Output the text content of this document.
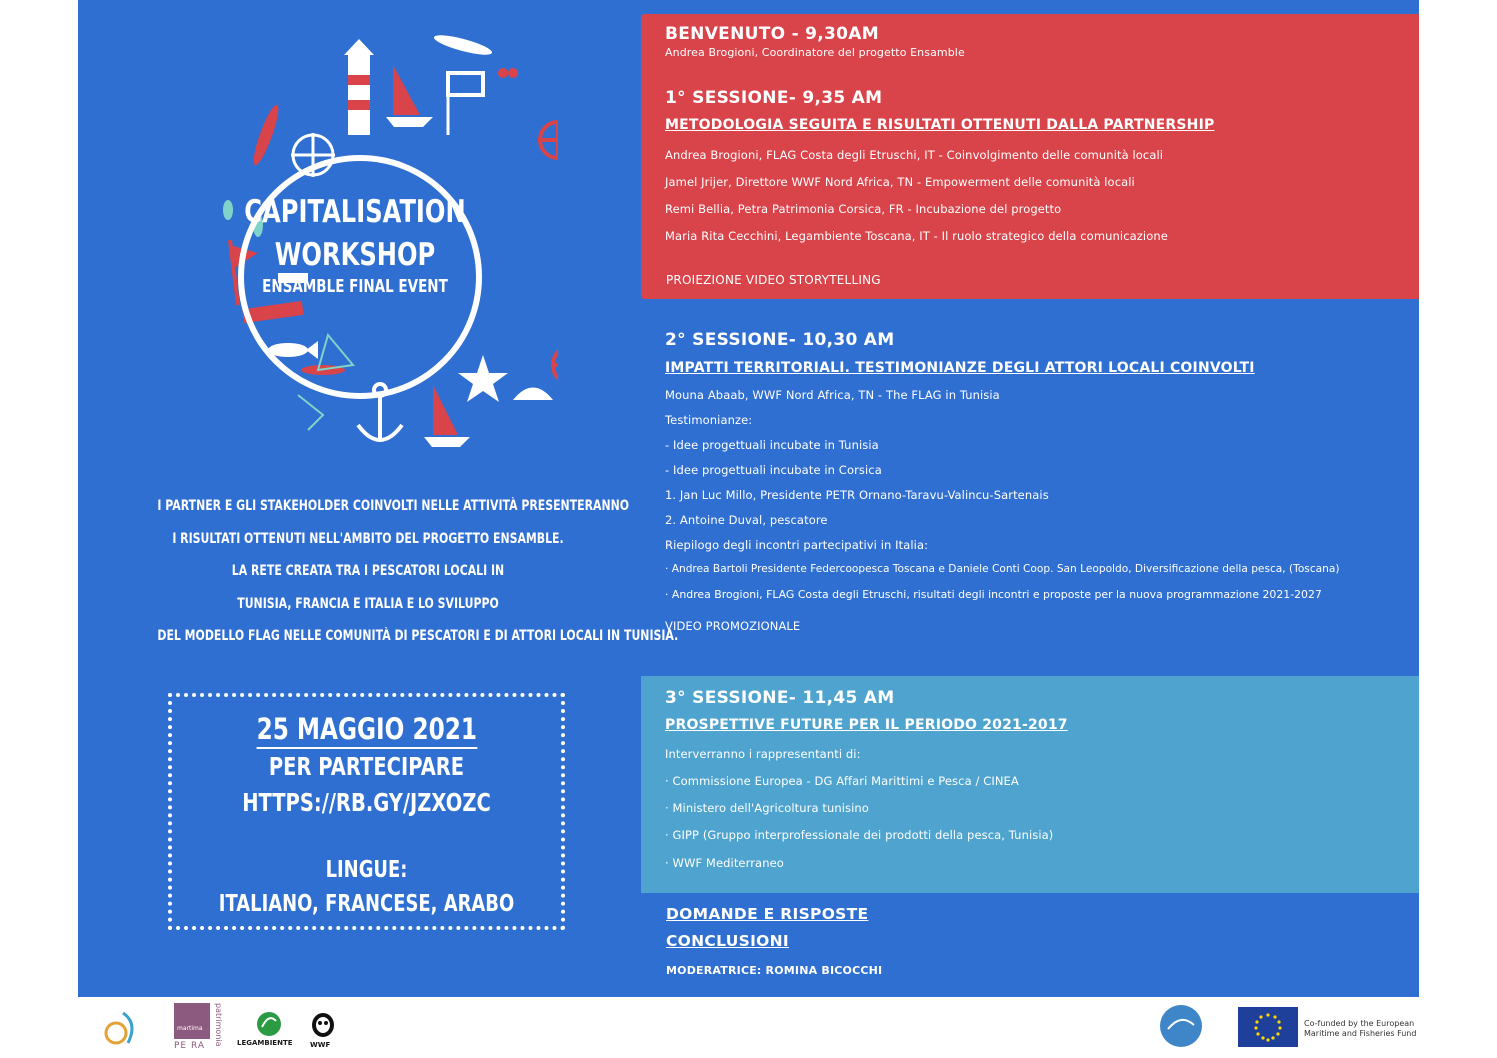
CAPITALISATION
WORKSHOP
ENSAMBLE FINAL EVENT
I PARTNER E GLI STAKEHOLDER COINVOLTI NELLE ATTIVITÀ PRESENTERANNO
I RISULTATI OTTENUTI NELL'AMBITO DEL PROGETTO ENSAMBLE.
LA RETE CREATA TRA I PESCATORI LOCALI IN
TUNISIA, FRANCIA E ITALIA E LO SVILUPPO
DEL MODELLO FLAG NELLE COMUNITÀ DI PESCATORI E DI ATTORI LOCALI IN TUNISIA.
25 MAGGIO 2021
PER PARTECIPARE
HTTPS://RB.GY/JZXOZC
LINGUE:
ITALIANO, FRANCESE, ARABO
BENVENUTO - 9,30AM
Andrea Brogioni, Coordinatore del progetto Ensamble
1° SESSIONE- 9,35 AM
METODOLOGIA SEGUITA E RISULTATI OTTENUTI DALLA PARTNERSHIP
Andrea Brogioni, FLAG Costa degli Etruschi, IT - Coinvolgimento delle comunità locali
Jamel Jrijer, Direttore WWF Nord Africa, TN - Empowerment delle comunità locali
Remi Bellia, Petra Patrimonia Corsica, FR - Incubazione del progetto
Maria Rita Cecchini, Legambiente Toscana, IT - Il ruolo strategico della comunicazione
PROIEZIONE VIDEO STORYTELLING
2° SESSIONE- 10,30 AM
IMPATTI TERRITORIALI. TESTIMONIANZE DEGLI ATTORI LOCALI COINVOLTI
Mouna Abaab, WWF Nord Africa, TN - The FLAG in Tunisia
Testimonianze:
- Idee progettuali incubate in Tunisia
- Idee progettuali incubate in Corsica
1. Jan Luc Millo, Presidente PETR Ornano-Taravu-Valincu-Sartenais
2. Antoine Duval, pescatore
Riepilogo degli incontri partecipativi in Italia:
· Andrea Bartoli Presidente Federcoopesca Toscana e Daniele Conti Coop. San Leopoldo, Diversificazione della pesca, (Toscana)
· Andrea Brogioni, FLAG Costa degli Etruschi, risultati degli incontri e proposte per la nuova programmazione 2021-2027
VIDEO PROMOZIONALE
3° SESSIONE- 11,45 AM
PROSPETTIVE FUTURE PER IL PERIODO 2021-2017
Interverranno i rappresentanti di:
· Commissione Europea - DG Affari Marittimi e Pesca / CINEA
· Ministero dell'Agricoltura tunisino
· GIPP (Gruppo interprofessionale dei prodotti della pesca, Tunisia)
· WWF Mediterraneo
DOMANDE E RISPOSTE
CONCLUSIONI
MODERATRICE: ROMINA BICOCCHI
martima
PE RA patrimonia LEGAMBIENTE WWF
Co-funded by the European
Maritime and Fisheries Fund
